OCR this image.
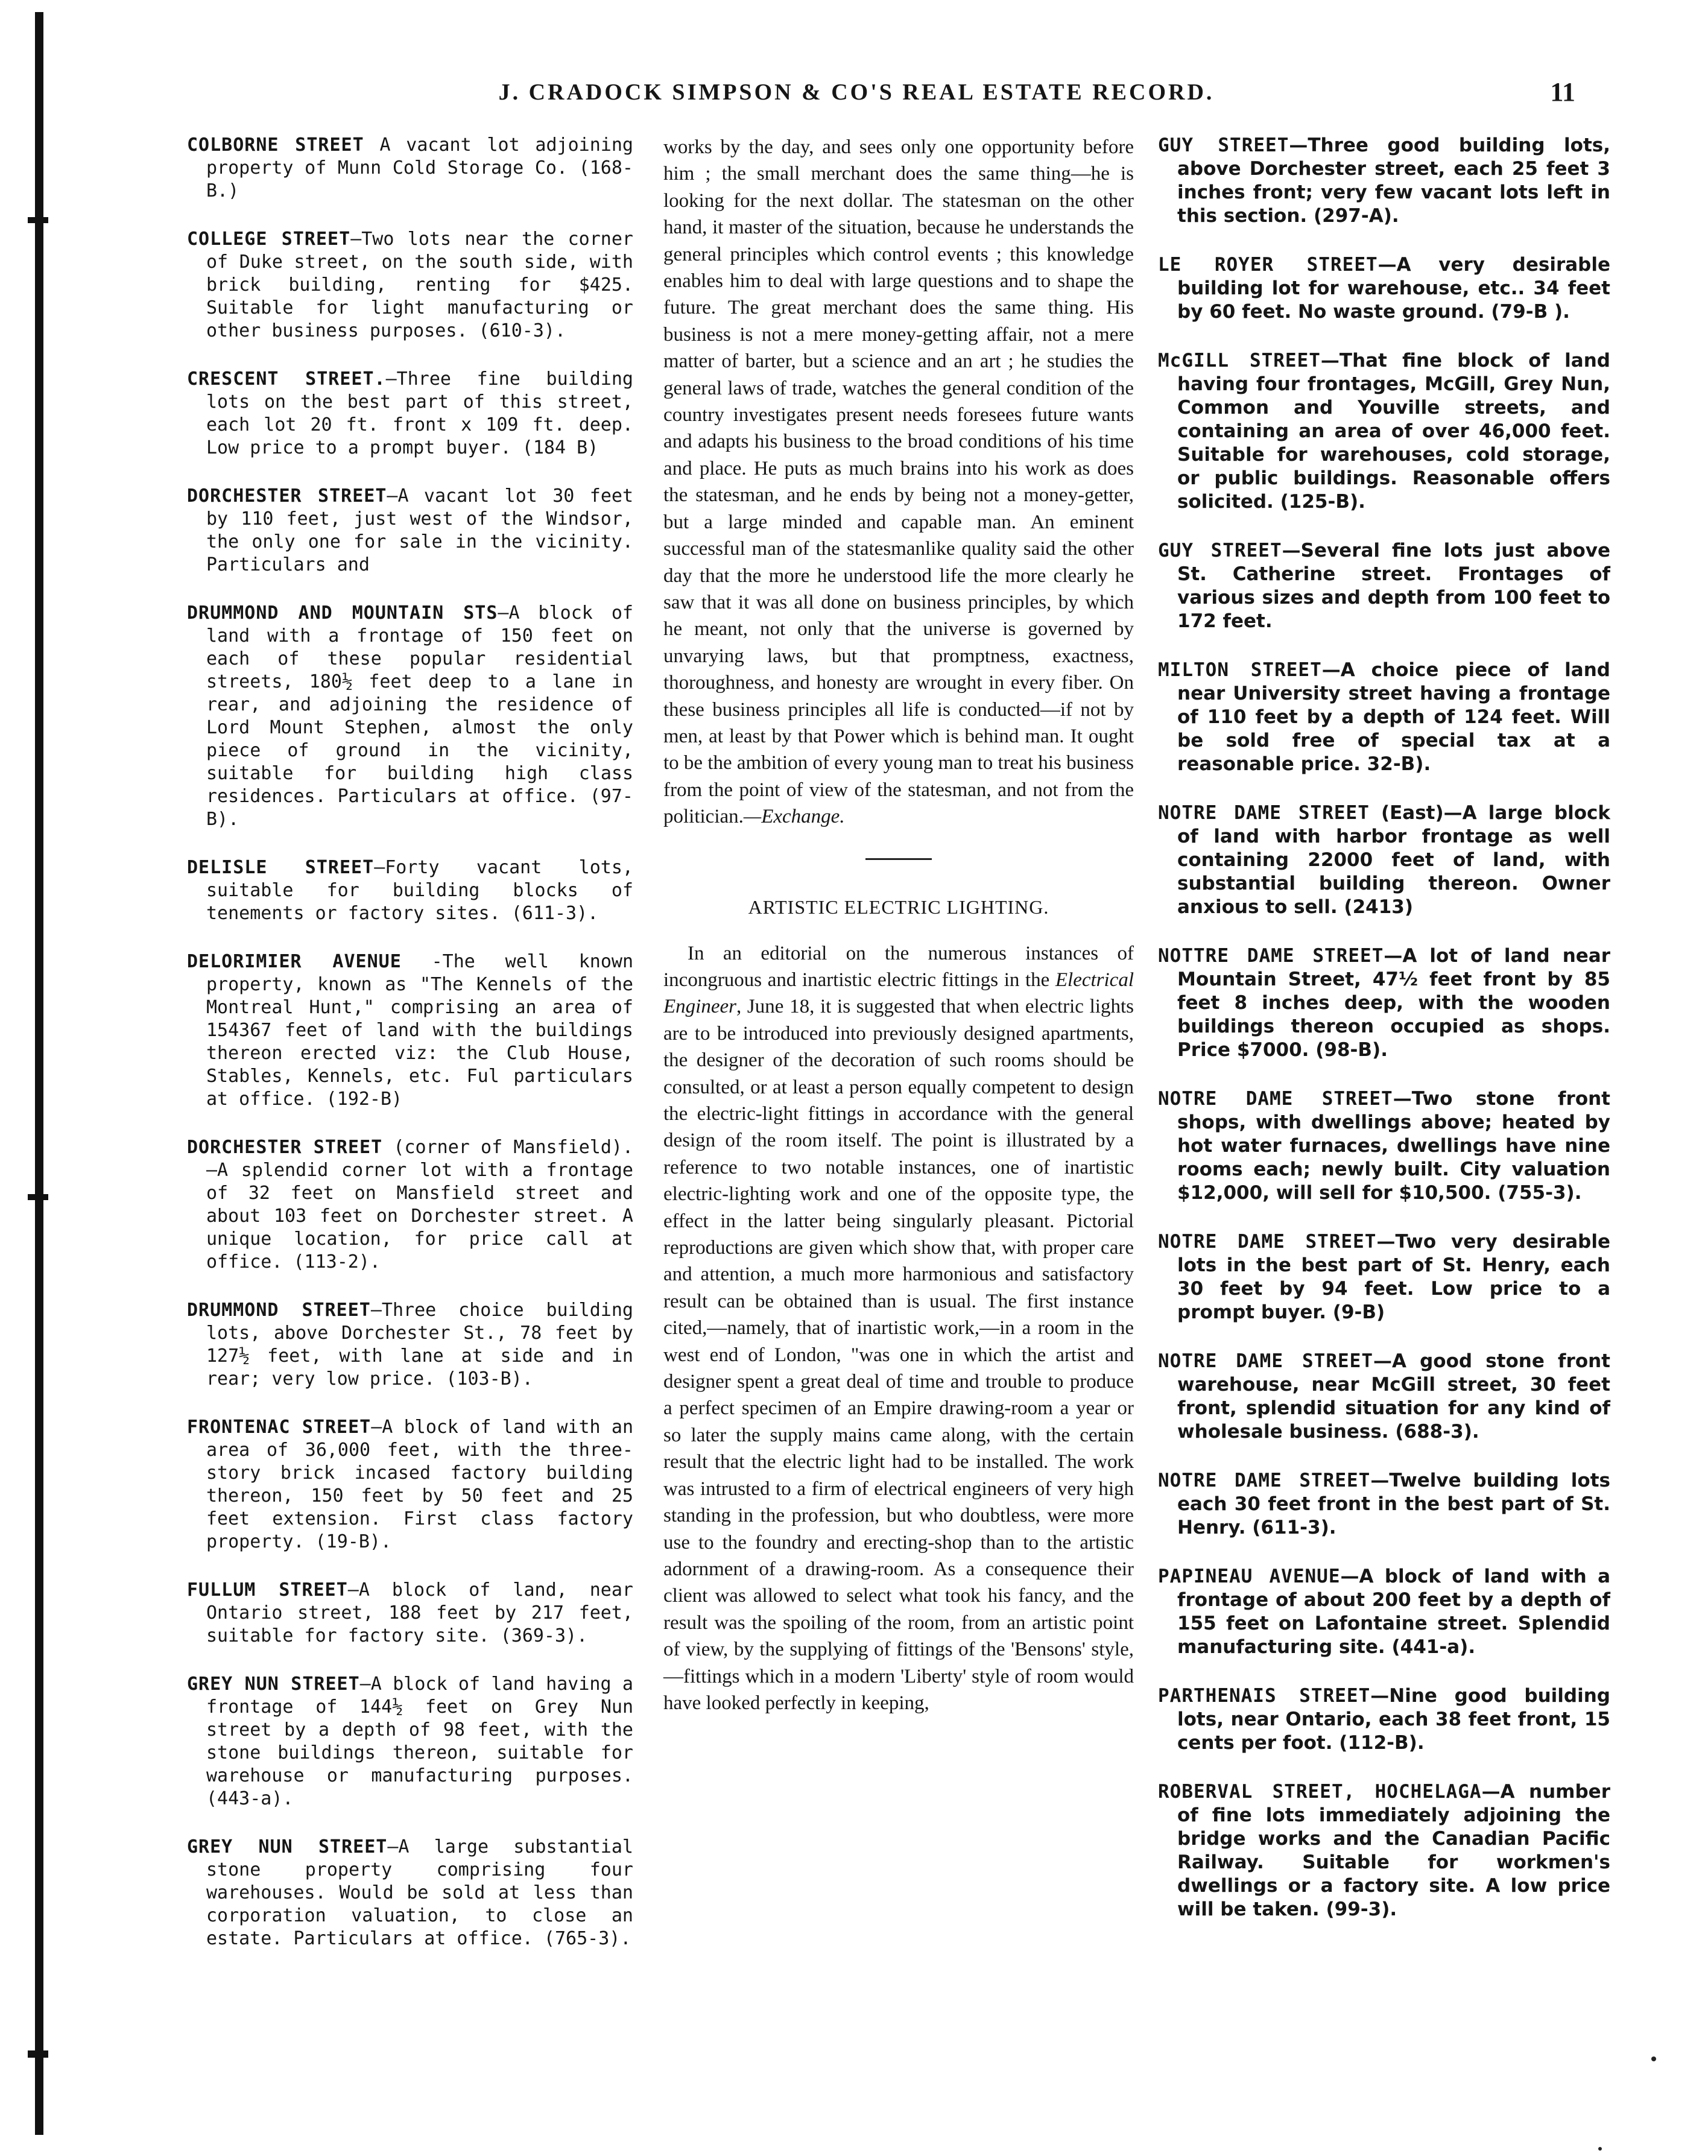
J. CRADOCK SIMPSON & CO'S REAL ESTATE RECORD.	11

COLBORNE STREET A vacant lot adjoining property of Munn Cold Storage Co. (168-B.)

COLLEGE STREET—Two lots near the corner of Duke street, on the south side, with brick building, renting for $425. Suitable for light manufacturing or other business purposes. (610-3).

CRESCENT STREET.—Three fine building lots on the best part of this street, each lot 20 ft. front x 109 ft. deep. Low price to a prompt buyer. (184 B)

DORCHESTER STREET—A vacant lot 30 feet by 110 feet, just west of the Windsor, the only one for sale in the vicinity. Particulars and

DRUMMOND AND MOUNTAIN STS—A block of land with a frontage of 150 feet on each of these popular residential streets, 180½ feet deep to a lane in rear, and adjoining the residence of Lord Mount Stephen, almost the only piece of ground in the vicinity, suitable for building high class residences. Particulars at office. (97-B).

DELISLE STREET—Forty vacant lots, suitable for building blocks of tenements or factory sites. (611-3).

DELORIMIER AVENUE -The well known property, known as "The Kennels of the Montreal Hunt," comprising an area of 154367 feet of land with the buildings thereon erected viz: the Club House, Stables, Kennels, etc. Ful particulars at office. (192-B)

DORCHESTER STREET (corner of Mansfield).—A splendid corner lot with a frontage of 32 feet on Mansfield street and about 103 feet on Dorchester street. A unique location, for price call at office. (113-2).

DRUMMOND STREET—Three choice building lots, above Dorchester St., 78 feet by 127½ feet, with lane at side and in rear; very low price. (103-B).

FRONTENAC STREET—A block of land with an area of 36,000 feet, with the three-story brick incased factory building thereon, 150 feet by 50 feet and 25 feet extension. First class factory property. (19-B).

FULLUM STREET—A block of land, near Ontario street, 188 feet by 217 feet, suitable for factory site. (369-3).

GREY NUN STREET—A block of land having a frontage of 144½ feet on Grey Nun street by a depth of 98 feet, with the stone buildings thereon, suitable for warehouse or manufacturing purposes. (443-a).

GREY NUN STREET—A large substantial stone property comprising four warehouses. Would be sold at less than corporation valuation, to close an estate. Particulars at office. (765-3).

works by the day, and sees only one opportunity before him ; the small merchant does the same thing—he is looking for the next dollar. The statesman on the other hand, it master of the situation, because he understands the general principles which control events ; this knowledge enables him to deal with large questions and to shape the future. The great merchant does the same thing. His business is not a mere money-getting affair, not a mere matter of barter, but a science and an art ; he studies the general laws of trade, watches the general condition of the country investigates present needs foresees future wants and adapts his business to the broad conditions of his time and place. He puts as much brains into his work as does the statesman, and he ends by being not a money-getter, but a large minded and capable man. An eminent successful man of the statesmanlike quality said the other day that the more he understood life the more clearly he saw that it was all done on business principles, by which he meant, not only that the universe is governed by unvarying laws, but that promptness, exactness, thoroughness, and honesty are wrought in every fiber. On these business principles all life is conducted—if not by men, at least by that Power which is behind man. It ought to be the ambition of every young man to treat his business from the point of view of the statesman, and not from the politician.—Exchange.

ARTISTIC ELECTRIC LIGHTING.

In an editorial on the numerous instances of incongruous and inartistic electric fittings in the Electrical Engineer, June 18, it is suggested that when electric lights are to be introduced into previously designed apartments, the designer of the decoration of such rooms should be consulted, or at least a person equally competent to design the electric-light fittings in accordance with the general design of the room itself. The point is illustrated by a reference to two notable instances, one of inartistic electric-lighting work and one of the opposite type, the effect in the latter being singularly pleasant. Pictorial reproductions are given which show that, with proper care and attention, a much more harmonious and satisfactory result can be obtained than is usual. The first instance cited,—namely, that of inartistic work,—in a room in the west end of London, "was one in which the artist and designer spent a great deal of time and trouble to produce a perfect specimen of an Empire drawing-room a year or so later the supply mains came along, with the certain result that the electric light had to be installed. The work was intrusted to a firm of electrical engineers of very high standing in the profession, but who doubtless, were more use to the foundry and erecting-shop than to the artistic adornment of a drawing-room. As a consequence their client was allowed to select what took his fancy, and the result was the spoiling of the room, from an artistic point of view, by the supplying of fittings of the 'Bensons' style,—fittings which in a modern 'Liberty' style of room would have looked perfectly in keeping,

GUY STREET—Three good building lots, above Dorchester street, each 25 feet 3 inches front; very few vacant lots left in this section. (297-A).

LE ROYER STREET—A very desirable building lot for warehouse, etc.. 34 feet by 60 feet. No waste ground. (79-B ).

McGILL STREET—That fine block of land having four frontages, McGill, Grey Nun, Common and Youville streets, and containing an area of over 46,000 feet. Suitable for warehouses, cold storage, or public buildings. Reasonable offers solicited. (125-B).

GUY STREET—Several fine lots just above St. Catherine street. Frontages of various sizes and depth from 100 feet to 172 feet.

MILTON STREET—A choice piece of land near University street having a frontage of 110 feet by a depth of 124 feet. Will be sold free of special tax at a reasonable price. 32-B).

NOTRE DAME STREET (East)—A large block of land with harbor frontage as well containing 22000 feet of land, with substantial building thereon. Owner anxious to sell. (2413)

NOTTRE DAME STREET—A lot of land near Mountain Street, 47½ feet front by 85 feet 8 inches deep, with the wooden buildings thereon occupied as shops. Price $7000. (98-B).

NOTRE DAME STREET—Two stone front shops, with dwellings above; heated by hot water furnaces, dwellings have nine rooms each; newly built. City valuation $12,000, will sell for $10,500. (755-3).

NOTRE DAME STREET—Two very desirable lots in the best part of St. Henry, each 30 feet by 94 feet. Low price to a prompt buyer. (9-B)

NOTRE DAME STREET—A good stone front warehouse, near McGill street, 30 feet front, splendid situation for any kind of wholesale business. (688-3).

NOTRE DAME STREET—Twelve building lots each 30 feet front in the best part of St. Henry. (611-3).

PAPINEAU AVENUE—A block of land with a frontage of about 200 feet by a depth of 155 feet on Lafontaine street. Splendid manufacturing site. (441-a).

PARTHENAIS STREET—Nine good building lots, near Ontario, each 38 feet front, 15 cents per foot. (112-B).

ROBERVAL STREET, HOCHELAGA—A number of fine lots immediately adjoining the bridge works and the Canadian Pacific Railway. Suitable for workmen's dwellings or a factory site. A low price will be taken. (99-3).
